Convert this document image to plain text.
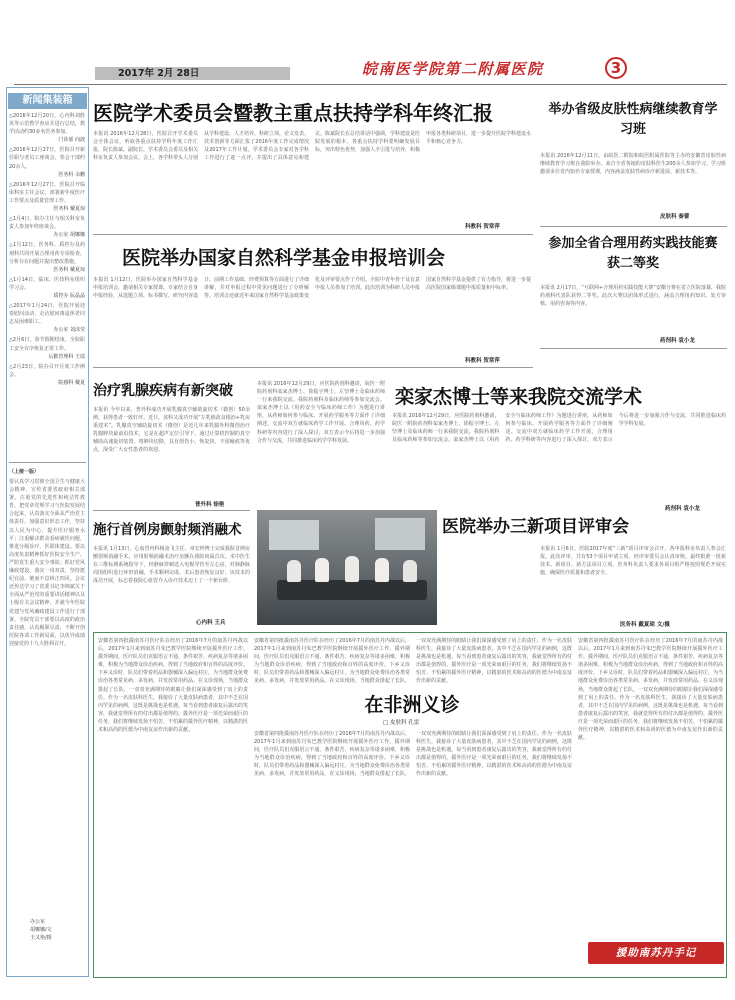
2017年 2月 28日	皖南医学院第二附属医院	3
新闻集装箱
△2016年12月20日，心内科刘胜英等示范教学查房并进行总结，教学活动约30多名医务参加。
门诊部 向波
△2016年12月27日，医院召开新任职与老员工座谈会，参会干部约20余人。
医务科 余鹏
△2016年12月27日，医院召开临床科室主任会议，部署新年度医疗工作要点及质量管理工作。
医务科 戴夏琼
△1月4日，院办主任与相关科室负责人参加年终座谈会。
办公室 胡娜娜
△1月12日，医务科、质控办及药剂科共同开展合理用药专项检查，分析存在问题并提出整改措施。
医务科 戴夏琼
△1月14日，临床、医技科室组织学习会。
质控办 阮晶晶
△2017年1月24日，医院开展迎春慰问活动，走访慰问离退休老同志及困难职工。
办公室 刘沫莹
△2月6日，春节假期结束，全院职工安全有序恢复正常工作。
后勤管理科 王瑶
△2月23日，院办召开月度工作例会。
院感科 戴夏
（上接一版）
要认真学习贯彻全国卫生与健康大会精神、宣传省委省政府相关部署，注重党的先进性和纯洁性教育，把党章党规学习与医院发展结合起来，认真落实全面从严治党主体责任，加强意识形态工作，坚持以人民为中心，提升医疗服务水平；注重解决群众看病就医问题，推进分级诊疗、医联体建设。要以高度负责精神抓好医院安全生产，严防发生重大安全事故；抓好党风廉政建设，落实一岗双责，坚持挺纪在前，驰而不息纠正四风。会议还传达学习了省委书记李锦斌关于全面从严治党的重要讲话精神以及上级有关会议精神，并就今年医院党建与党风廉政建设工作进行了部署。全院党员干部要以高度的政治责任感，认真履职尽责，不断开创医院各项工作新局面，以优异成绩迎接党的十九大胜利召开。
办公室
胡娜娜/文
王又艳/摄
医院学术委员会暨教主重点扶持学科年终汇报
本报讯 2016年12月28日，医院召开学术委员会全体会议，听取各重点扶持学科年度工作汇报，院长陈斌、副院长、学术委员会委员及相关科室负责人参加会议。会上，各学科带头人分别从学科建设、人才培养、科研立项、论文发表、技术创新等方面汇报了2016年度工作完成情况及2017年工作计划。学术委员会专家对各学科工作进行了逐一点评，并提出了具体意见和建议。陈斌院长在总结讲话中强调，学科建设是医院发展的根本，各重点扶持学科要明确发展目标，突出特色优势，加强人才引进与培养，积极申报各类科研项目，进一步提升医院学科建设水平和核心竞争力。
科教科 贺常萍
医院举办国家自然科学基金申报培训会
本报讯 1月12日，医院举办国家自然科学基金申报培训会，邀请相关专家授课。专家结合自身申报经验，从选题立项、标书撰写、研究内容设计、前期工作基础、经费预算等方面进行了详细讲解，并对申报过程中常见问题进行了分析解答。培训会还就近年来国家自然科学基金政策变化及评审要点作了介绍。全院中青年骨干及有意申报人员参加了培训。此次培训为科研人员申报国家自然科学基金提供了有力指导，将进一步提高医院国家级课题申报质量和中标率。
科教科 贺常萍
举办省级皮肤性病继续教育学习班
本报讯 2016年12月11日，由皖医二附院和皖医附属医院等主办的安徽省皮肤性病继续教育学习班在我院举办。来自全省各地的皮肤科医生200余人参加学习。学习班邀请多位省内知名专家授课，内容涵盖皮肤性病诊疗新进展、新技术等。
皮肤科 秦蕾
参加全省合理用药实践技能赛获二等奖
本报讯 2月17日，“互联网+合理用药实践技能大赛”安徽分赛在省立医院落幕，我院药剂科代表队获得二等奖。此次大赛以团体形式进行，涵盖合理用药知识、处方审核、用药咨询等内容。
药剂科 袁小龙
治疗乳腺疾病有新突破
本报讯 今年以来，普外科成功开展乳腺真空辅助旋切术（微创）50余例，获得患者一致好评。近日，该科又成功开展“左乳癌改良根治+乳房重建术”。乳腺真空辅助旋切术（微创）是近几年来乳腺外科微创治疗乳腺肿块最前沿技术，它是在超声定位引导下，通过计算机控制的真空辅助高速旋切装置，将肿块切除，具有创伤小、恢复快、不留瘢痕等优点，深受广大女性患者的欢迎。
普外科 徐艳
栾家杰博士等来我院交流学术
本报讯 2016年12月29日，应医院药剂科邀请，皖医一附院药剂科栾家杰博士、徐振宇博士、左坚博士及临床药师一行来我院交流。我院药剂科及临床药师等参加交流会。栾家杰博士以《用药安全与临床药师工作》为题进行讲座，从药师如何参与临床、开展药学服务等方面作了详细阐述。交流中双方就临床药学工作开展、合理用药、药学科研等内容进行了深入探讨，双方表示今后将进一步加强合作与交流，共同推进临床药学学科发展。
本报讯 2016年12月29日，应医院药剂科邀请，皖医一附院药剂科栾家杰博士、徐振宇博士、左坚博士及临床药师一行来我院交流。我院药剂科及临床药师等参加交流会。栾家杰博士以《用药安全与临床药师工作》为题进行讲座，从药师如何参与临床、开展药学服务等方面作了详细阐述。交流中双方就临床药学工作开展、合理用药、药学科研等内容进行了深入探讨，双方表示今后将进一步加强合作与交流，共同推进临床药学学科发展。
药剂科 袁小龙
医院举办三新项目评审会
本报讯 1月6日，医院2017年度“三新”项目评审会召开，各申报科室负责人参会汇报。此次评审，共有53个项目申请立项，经评审委员会认真审核，最终批准一批新技术、新项目、新方法项目立项。医务科负责人要求各项目组严格按照规范开展实施，确保医疗质量和患者安全。
医务科 戴夏琼 文/摄
施行首例房颤射频消融术
本报讯 1月13日，心血管内科杨凌飞主任、章宏梓博士完成我院首例房颤射频消融手术。应用射频消融术治疗房颤在我院尚属首次。术中医生在三维标测系统指导下，经静脉穿刺送入电极导管至左心房，对肺静脉周围组织进行环形消融，手术顺利完成，术后患者恢复良好。该技术的成功开展，标志着我院心血管介入诊疗技术迈上了一个新台阶。
心内科 王兵
在非洲义诊
□ 皮肤科 孔雷
安徽省第四批援南苏丹医疗队在经历了2016年7月的南苏丹内战以后，2017年1月来到南苏丹朱巴教学医院继续开展援外医疗工作。援外期间，医疗队员们克服语言不通、条件艰苦、疾病复杂等诸多困难，积极为当地群众诊治疾病，得到了当地政府和百姓的高度评价。下乡义诊时，队员们带着药品和器械深入偏远村庄，为当地群众免费诊治各类常见病、多发病，并发放常用药品。在义诊现场，当地群众排起了长队，一双双充满期待的眼睛让我们深深感受到了肩上的责任。作为一名皮肤科医生，我接诊了大量皮肤病患者，其中不乏在国内罕见的病例，这既是挑战也是机遇。每当看到患者康复后露出的笑容，我就觉得所有的付出都是值得的。援外医疗是一项光荣而艰巨的任务，我们将继续发扬不怕苦、不怕累的援外医疗精神，以精湛的医术和高尚的医德为中南友谊作出新的贡献。
安徽省第四批援南苏丹医疗队在经历了2016年7月的南苏丹内战以后，2017年1月来到南苏丹朱巴教学医院继续开展援外医疗工作。援外期间，医疗队员们克服语言不通、条件艰苦、疾病复杂等诸多困难，积极为当地群众诊治疾病，得到了当地政府和百姓的高度评价。下乡义诊时，队员们带着药品和器械深入偏远村庄，为当地群众免费诊治各类常见病、多发病，并发放常用药品。在义诊现场，当地群众排起了长队，一双双充满期待的眼睛让我们深深感受到了肩上的责任。作为一名皮肤科医生，我接诊了大量皮肤病患者，其中不乏在国内罕见的病例，这既是挑战也是机遇。每当看到患者康复后露出的笑容，我就觉得所有的付出都是值得的。援外医疗是一项光荣而艰巨的任务，我们将继续发扬不怕苦、不怕累的援外医疗精神，以精湛的医术和高尚的医德为中南友谊作出新的贡献。
安徽省第四批援南苏丹医疗队在经历了2016年7月的南苏丹内战以后，2017年1月来到南苏丹朱巴教学医院继续开展援外医疗工作。援外期间，医疗队员们克服语言不通、条件艰苦、疾病复杂等诸多困难，积极为当地群众诊治疾病，得到了当地政府和百姓的高度评价。下乡义诊时，队员们带着药品和器械深入偏远村庄，为当地群众免费诊治各类常见病、多发病，并发放常用药品。在义诊现场，当地群众排起了长队，一双双充满期待的眼睛让我们深深感受到了肩上的责任。作为一名皮肤科医生，我接诊了大量皮肤病患者，其中不乏在国内罕见的病例，这既是挑战也是机遇。每当看到患者康复后露出的笑容，我就觉得所有的付出都是值得的。援外医疗是一项光荣而艰巨的任务，我们将继续发扬不怕苦、不怕累的援外医疗精神，以精湛的医术和高尚的医德为中南友谊作出新的贡献。
安徽省第四批援南苏丹医疗队在经历了2016年7月的南苏丹内战以后，2017年1月来到南苏丹朱巴教学医院继续开展援外医疗工作。援外期间，医疗队员们克服语言不通、条件艰苦、疾病复杂等诸多困难，积极为当地群众诊治疾病，得到了当地政府和百姓的高度评价。下乡义诊时，队员们带着药品和器械深入偏远村庄，为当地群众免费诊治各类常见病、多发病，并发放常用药品。在义诊现场，当地群众排起了长队，一双双充满期待的眼睛让我们深深感受到了肩上的责任。作为一名皮肤科医生，我接诊了大量皮肤病患者，其中不乏在国内罕见的病例，这既是挑战也是机遇。每当看到患者康复后露出的笑容，我就觉得所有的付出都是值得的。援外医疗是一项光荣而艰巨的任务，我们将继续发扬不怕苦、不怕累的援外医疗精神，以精湛的医术和高尚的医德为中南友谊作出新的贡献。
援助南苏丹手记
